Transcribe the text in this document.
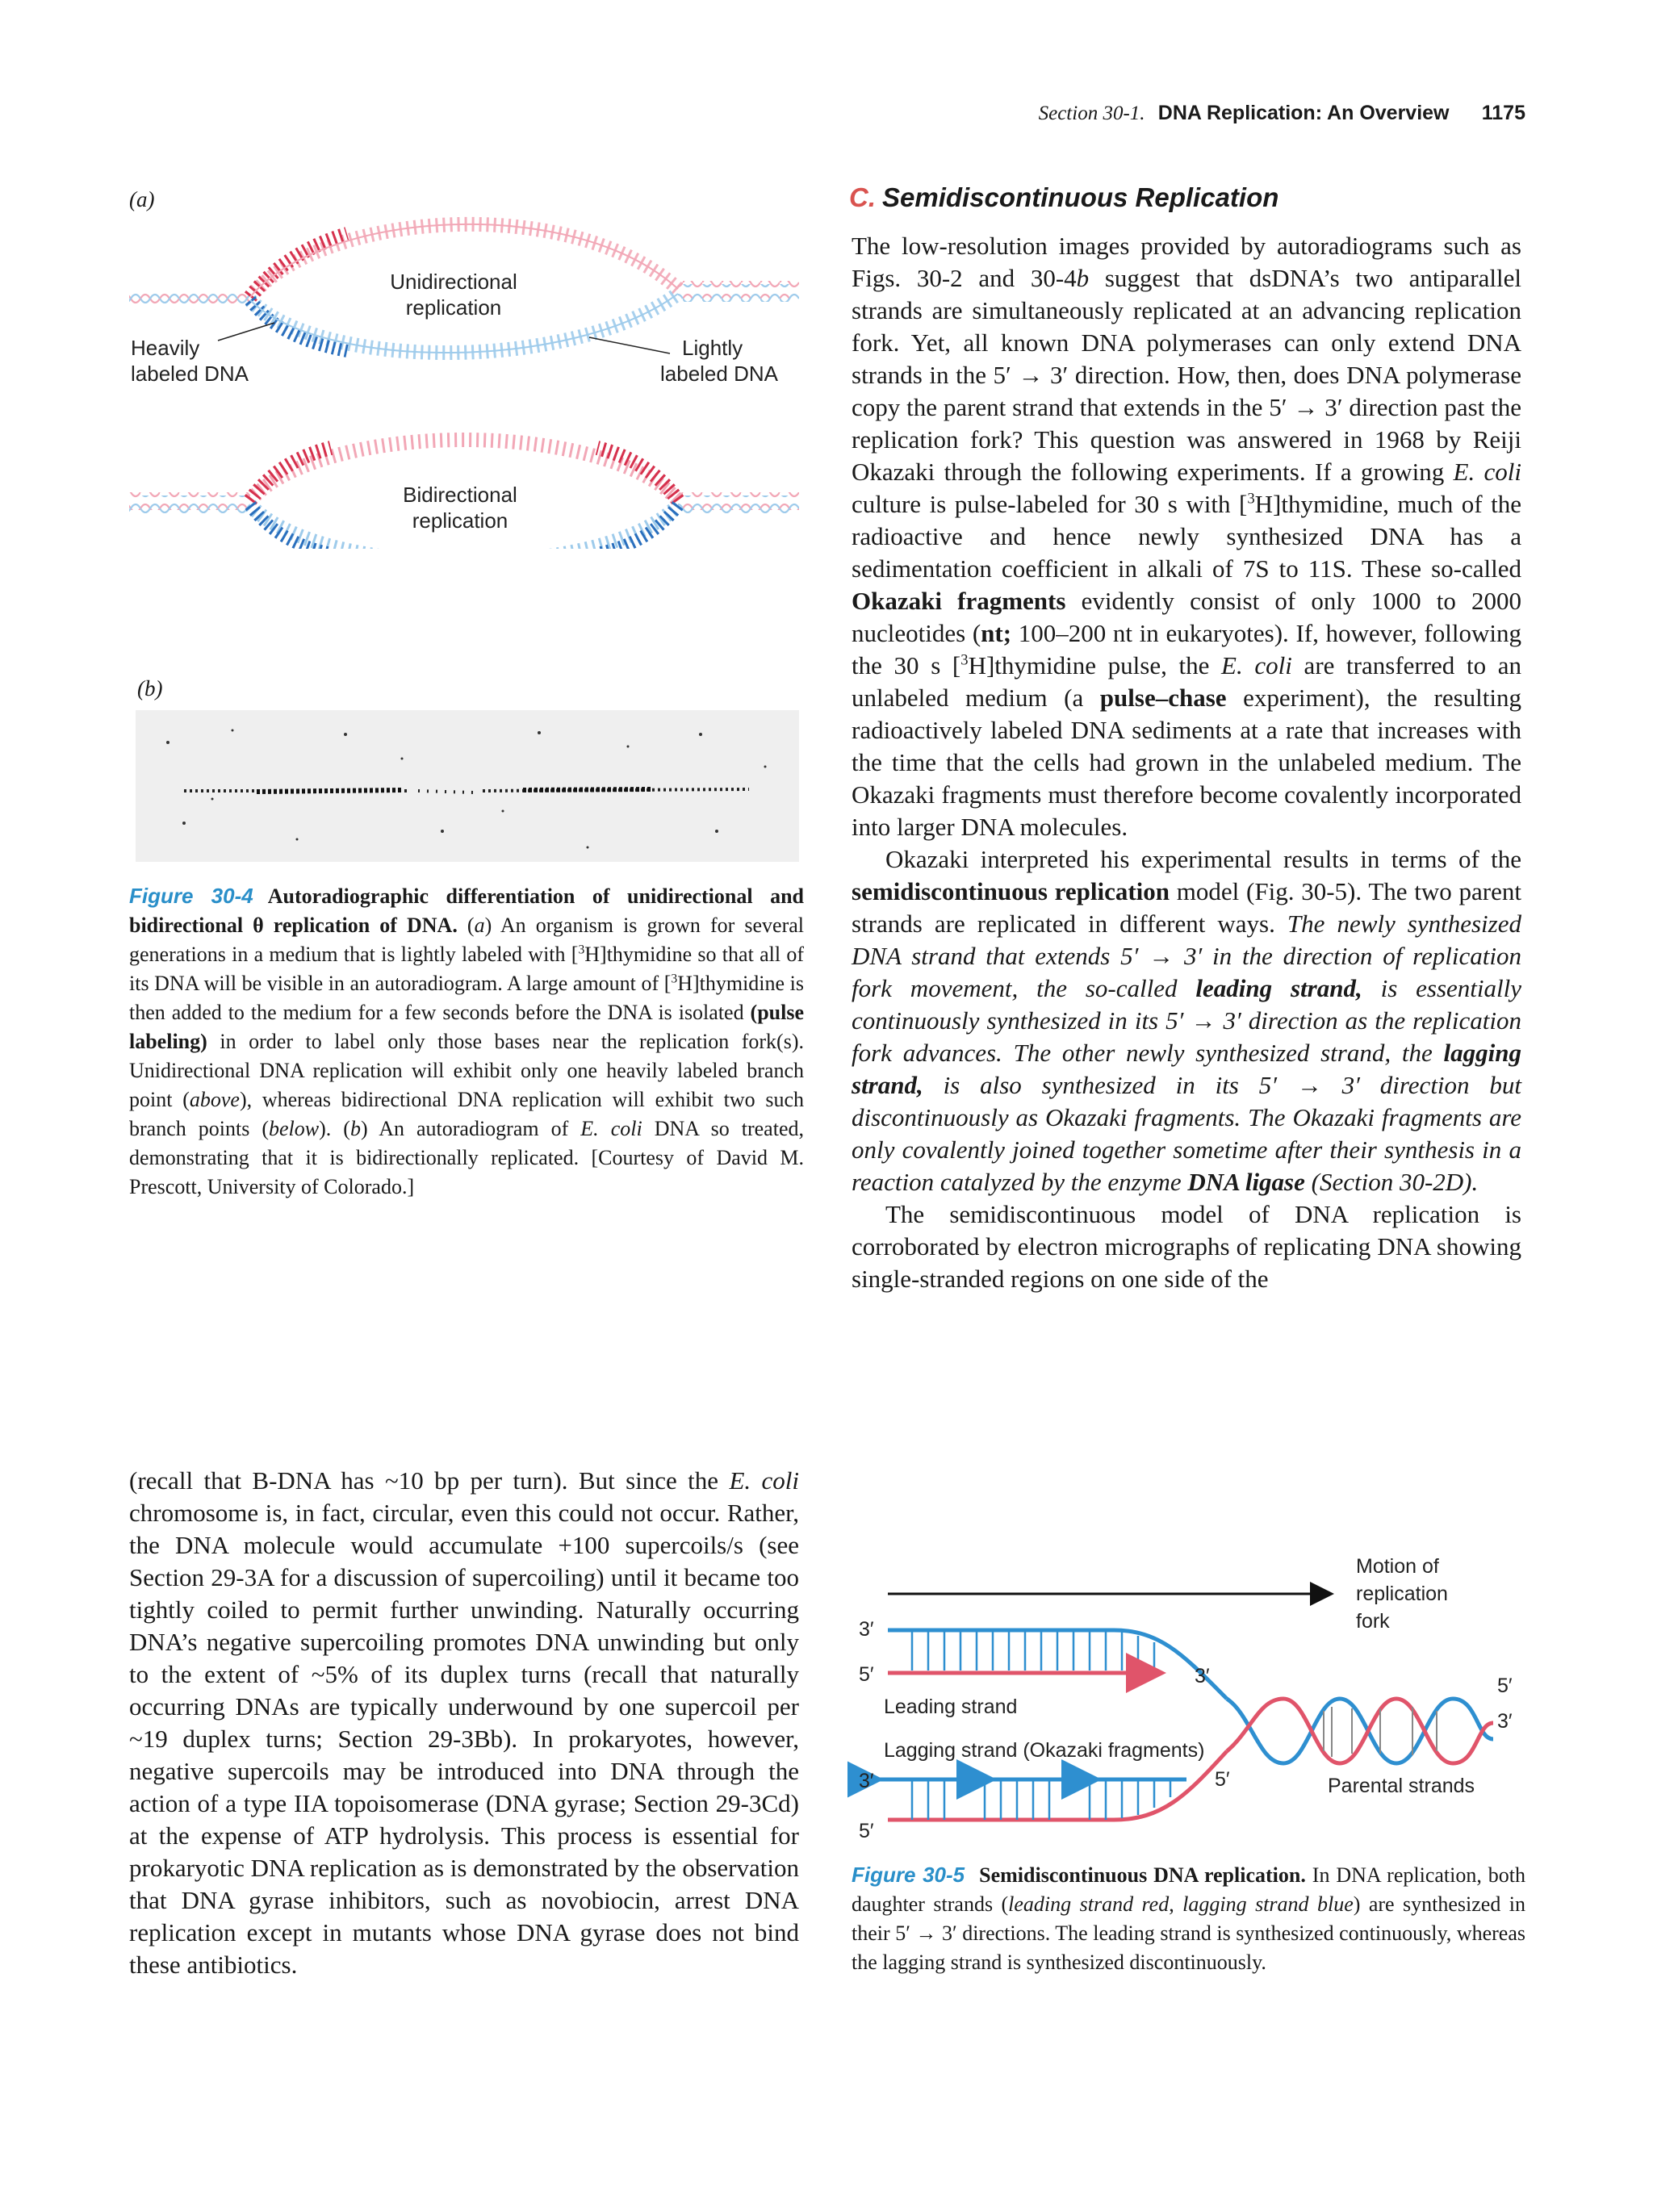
Section 30-1. DNA Replication: An Overview 1175
(a)
(b)
Unidirectional
replication
Heavily
labeled DNA
Lightly
labeled DNA
Bidirectional
replication
Figure 30-4 Autoradiographic differentiation of unidirectional and bidirectional θ replication of DNA. (a) An organism is grown for several generations in a medium that is lightly labeled with [$^3$H]thymidine so that all of its DNA will be visible in an autoradiogram. A large amount of [$^3$H]thymidine is then added to the medium for a few seconds before the DNA is isolated (pulse labeling) in order to label only those bases near the replication fork(s). Unidirectional DNA replication will exhibit only one heavily labeled branch point (above), whereas bidirectional DNA replication will exhibit two such branch points (below). (b) An autoradiogram of E. coli DNA so treated, demonstrating that it is bidirectionally replicated. [Courtesy of David M. Prescott, University of Colorado.]
C. Semidiscontinuous Replication

The low-resolution images provided by autoradiograms such as Figs. 30-2 and 30-4b suggest that dsDNA’s two antiparallel strands are simultaneously replicated at an advancing replication fork. Yet, all known DNA polymerases can only extend DNA strands in the 5′ → 3′ direction. How, then, does DNA polymerase copy the parent strand that extends in the 5′ → 3′ direction past the replication fork? This question was answered in 1968 by Reiji Okazaki through the following experiments. If a growing E. coli culture is pulse-labeled for 30 s with [$^3$H]thymidine, much of the radioactive and hence newly synthesized DNA has a sedimentation coefficient in alkali of 7S to 11S. These so-called Okazaki fragments evidently consist of only 1000 to 2000 nucleotides (nt; 100–200 nt in eukaryotes). If, however, following the 30 s [$^3$H]thymidine pulse, the E. coli are transferred to an unlabeled medium (a pulse–chase experiment), the resulting radioactively labeled DNA sediments at a rate that increases with the time that the cells had grown in the unlabeled medium. The Okazaki fragments must therefore become covalently incorporated into larger DNA molecules.

Okazaki interpreted his experimental results in terms of the semidiscontinuous replication model (Fig. 30-5). The two parent strands are replicated in different ways. The newly synthesized DNA strand that extends 5′ → 3′ in the direction of replication fork movement, the so-called leading strand, is essentially continuously synthesized in its 5′ → 3′ direction as the replication fork advances. The other newly synthesized strand, the lagging strand, is also synthesized in its 5′ → 3′ direction but discontinuously as Okazaki fragments. The Okazaki fragments are only covalently joined together sometime after their synthesis in a reaction catalyzed by the enzyme DNA ligase (Section 30-2D).

The semidiscontinuous model of DNA replication is corroborated by electron micrographs of replicating DNA showing single-stranded regions on one side of the

(recall that B-DNA has ~10 bp per turn). But since the E. coli chromosome is, in fact, circular, even this could not occur. Rather, the DNA molecule would accumulate +100 supercoils/s (see Section 29-3A for a discussion of supercoiling) until it became too tightly coiled to permit further unwinding. Naturally occurring DNA’s negative supercoiling promotes DNA unwinding but only to the extent of ~5% of its duplex turns (recall that naturally occurring DNAs are typically underwound by one supercoil per ~19 duplex turns; Section 29-3Bb). In prokaryotes, however, negative supercoils may be introduced into DNA through the action of a type IIA topoisomerase (DNA gyrase; Section 29-3Cd) at the expense of ATP hydrolysis. This process is essential for prokaryotic DNA replication as is demonstrated by the observation that DNA gyrase inhibitors, such as novobiocin, arrest DNA replication except in mutants whose DNA gyrase does not bind these antibiotics.

Motion of
replication
fork
3′
5′	3′
Leading strand
Lagging strand (Okazaki fragments)
3′	5′
5′
5′
3′
Parental strands
Figure 30-5 Semidiscontinuous DNA replication. In DNA replication, both daughter strands (leading strand red, lagging strand blue) are synthesized in their 5′ → 3′ directions. The leading strand is synthesized continuously, whereas the lagging strand is synthesized discontinuously.
